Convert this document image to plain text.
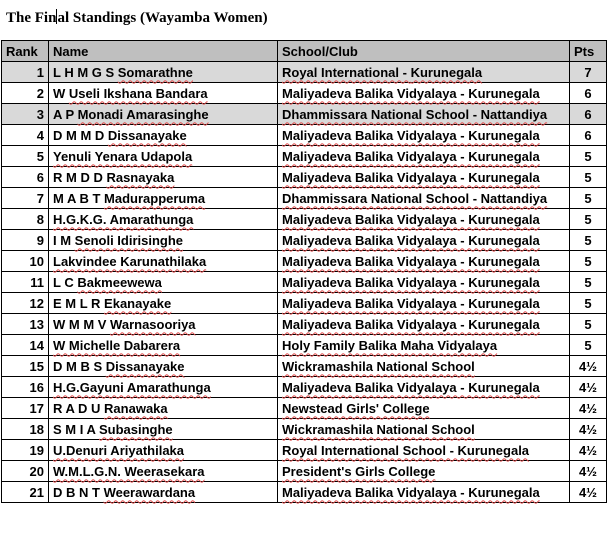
The Final Standings (Wayamba Women)
Rank	Name	School/Club	Pts
1	L H M G S Somarathne	Royal International - Kurunegala	7
2	W Useli Ikshana Bandara	Maliyadeva Balika Vidyalaya - Kurunegala	6
3	A P Monadi Amarasinghe	Dhammissara National School - Nattandiya	6
4	D M M D Dissanayake	Maliyadeva Balika Vidyalaya - Kurunegala	6
5	Yenuli Yenara Udapola	Maliyadeva Balika Vidyalaya - Kurunegala	5
6	R M D D Rasnayaka	Maliyadeva Balika Vidyalaya - Kurunegala	5
7	M A B T Madurapperuma	Dhammissara National School - Nattandiya	5
8	H.G.K.G. Amarathunga	Maliyadeva Balika Vidyalaya - Kurunegala	5
9	I M Senoli Idirisinghe	Maliyadeva Balika Vidyalaya - Kurunegala	5
10	Lakvindee Karunathilaka	Maliyadeva Balika Vidyalaya - Kurunegala	5
11	L C Bakmeewewa	Maliyadeva Balika Vidyalaya - Kurunegala	5
12	E M L R Ekanayake	Maliyadeva Balika Vidyalaya - Kurunegala	5
13	W M M V Warnasooriya	Maliyadeva Balika Vidyalaya - Kurunegala	5
14	W Michelle Dabarera	Holy Family Balika Maha Vidyalaya	5
15	D M B S Dissanayake	Wickramashila National School	4½
16	H.G.Gayuni Amarathunga	Maliyadeva Balika Vidyalaya - Kurunegala	4½
17	R A D U Ranawaka	Newstead Girls' College	4½
18	S M I A Subasinghe	Wickramashila National School	4½
19	U.Denuri Ariyathilaka	Royal International School - Kurunegala	4½
20	W.M.L.G.N. Weerasekara	President's Girls College	4½
21	D B N T Weerawardana	Maliyadeva Balika Vidyalaya - Kurunegala	4½
